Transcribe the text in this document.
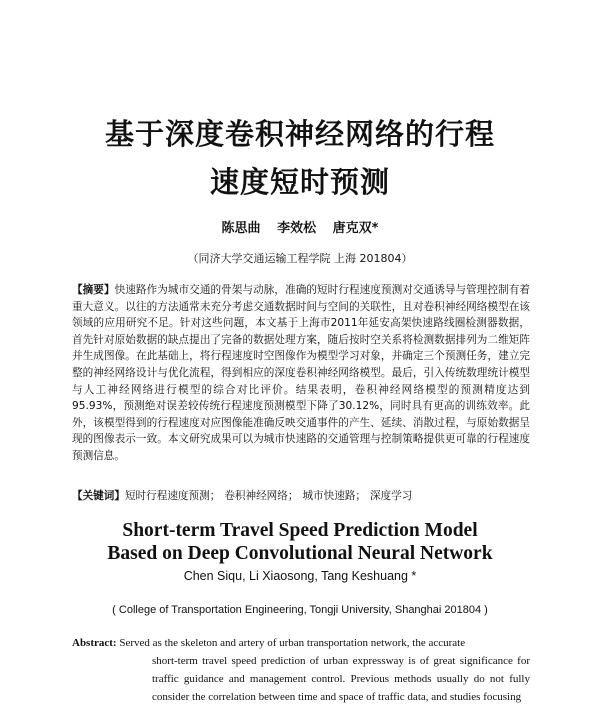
基于深度卷积神经网络的行程
速度短时预测
陈思曲 李效松 唐克双*
（同济大学交通运输工程学院 上海 201804）

【摘要】快速路作为城市交通的骨架与动脉，准确的短时行程速度预测对交通诱导与管理控制有着重大意义。以往的方法通常未充分考虑交通数据时间与空间的关联性，且对卷积神经网络模型在该领域的应用研究不足。针对这些问题，本文基于上海市2011年延安高架快速路线圈检测器数据，首先针对原始数据的缺点提出了完备的数据处理方案，随后按时空关系将检测数据排列为二维矩阵并生成图像。在此基础上，将行程速度时空图像作为模型学习对象，并确定三个预测任务，建立完整的神经网络设计与优化流程，得到相应的深度卷积神经网络模型。最后，引入传统数理统计模型与人工神经网络进行模型的综合对比评价。结果表明，卷积神经网络模型的预测精度达到95.93%，预测绝对误差较传统行程速度预测模型下降了30.12%，同时具有更高的训练效率。此外，该模型得到的行程速度对应图像能准确反映交通事件的产生、延续、消散过程，与原始数据呈现的图像表示一致。本文研究成果可以为城市快速路的交通管理与控制策略提供更可靠的行程速度预测信息。

【关键词】短时行程速度预测； 卷积神经网络； 城市快速路； 深度学习

Short-term Travel Speed Prediction Model
Based on Deep Convolutional Neural Network
Chen Siqu, Li Xiaosong, Tang Keshuang *
( College of Transportation Engineering, Tongji University, Shanghai 201804 )

Abstract: Served as the skeleton and artery of urban transportation network, the accurate
short-term travel speed prediction of urban expressway is of great significance for traffic guidance and management control. Previous methods usually do not fully consider the correlation between time and space of traffic data, and studies focusing
